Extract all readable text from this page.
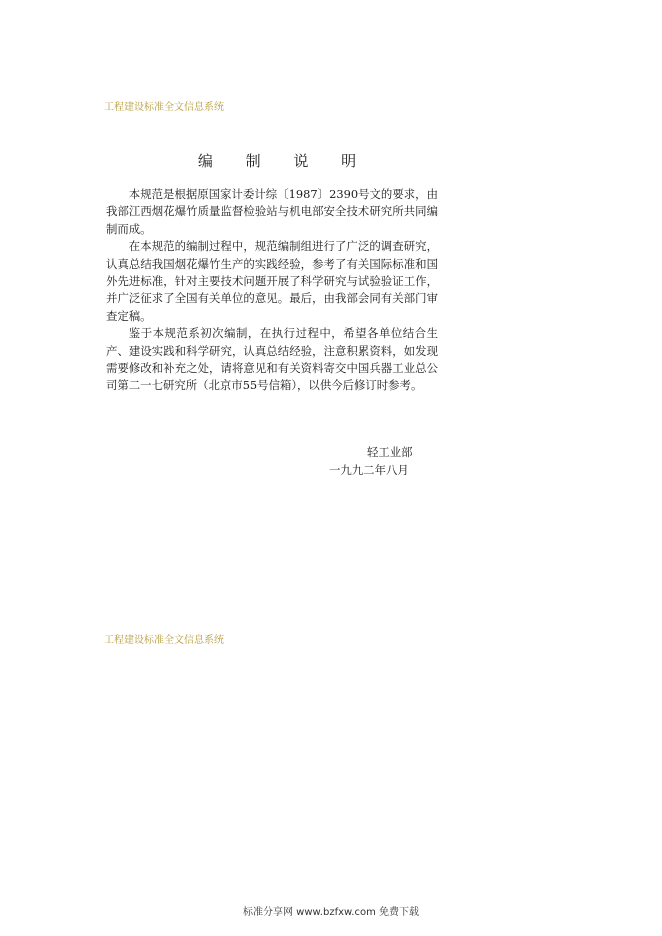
工程建设标准全文信息系统
编 制 说 明

本规范是根据原国家计委计综〔1987〕2390号文的要求，由我部江西烟花爆竹质量监督检验站与机电部安全技术研究所共同编制而成。

在本规范的编制过程中，规范编制组进行了广泛的调查研究，认真总结我国烟花爆竹生产的实践经验，参考了有关国际标准和国外先进标准，针对主要技术问题开展了科学研究与试验验证工作，并广泛征求了全国有关单位的意见。最后，由我部会同有关部门审查定稿。

鉴于本规范系初次编制，在执行过程中，希望各单位结合生产、建设实践和科学研究，认真总结经验，注意积累资料，如发现需要修改和补充之处，请将意见和有关资料寄交中国兵器工业总公司第二一七研究所（北京市55号信箱），以供今后修订时参考。

轻工业部
一九九二年八月
工程建设标准全文信息系统
标准分享网 www.bzfxw.com 免费下载
